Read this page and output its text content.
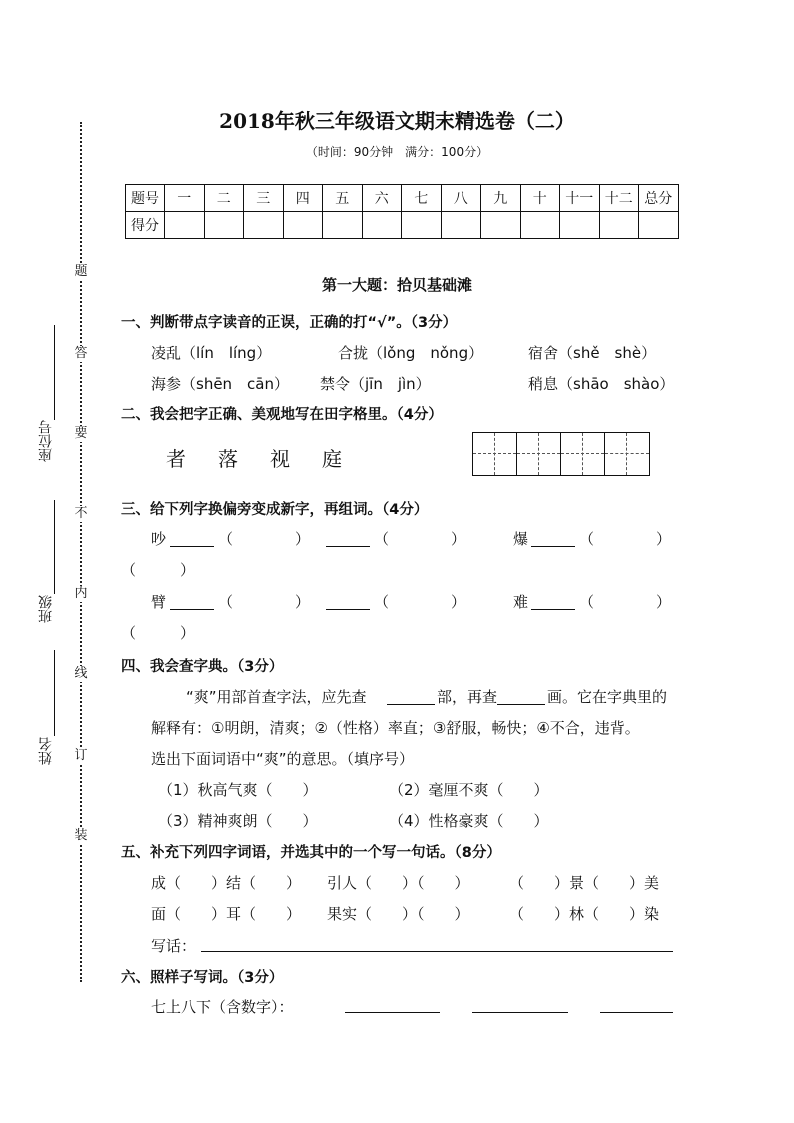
题
答
要
不
内
线
订
装
座位号
班级
姓名
2018年秋三年级语文期末精选卷（二）
（时间：90分钟　满分：100分）
题号	一	二	三	四	五	六	七	八	九	十	十一	十二	总分
得分													
第一大题：拾贝基础滩
一、判断带点字读音的正误，正确的打“√”。（3分）
凌乱（lín　líng）	合拢（lǒng　nǒng）	宿舍（shě　shè）
海参（shēn　cān） 禁令（jīn　jìn）	稍息（shāo　shào）
二、我会把字正确、美观地写在田字格里。（4分）
者 落 视 庭
三、给下列字换偏旁变成新字，再组词。（4分）
吵	（	）	（	）	爆	（	）
（	）
臂	（	）	（	）	难	（	）
（	）
四、我会查字典。（3分）
“爽”用部首查字法，应先查	部，再查	画。它在字典里的
解释有：①明朗，清爽；②（性格）率直；③舒服，畅快；④不合，违背。
选出下面词语中“爽”的意思。（填序号）
（1）秋高气爽（　　）	（2）毫厘不爽（　　）
（3）精神爽朗（　　）	（4）性格豪爽（　　）
五、补充下列四字词语，并选其中的一个写一句话。（8分）
成（　　）结（　　） 引人（　　）（　　）	（　　）景（　　）美
面（　　）耳（　　） 果实（　　）（　　）	（　　）林（　　）染
写话：
六、照样子写词。（3分）
七上八下（含数字）：
